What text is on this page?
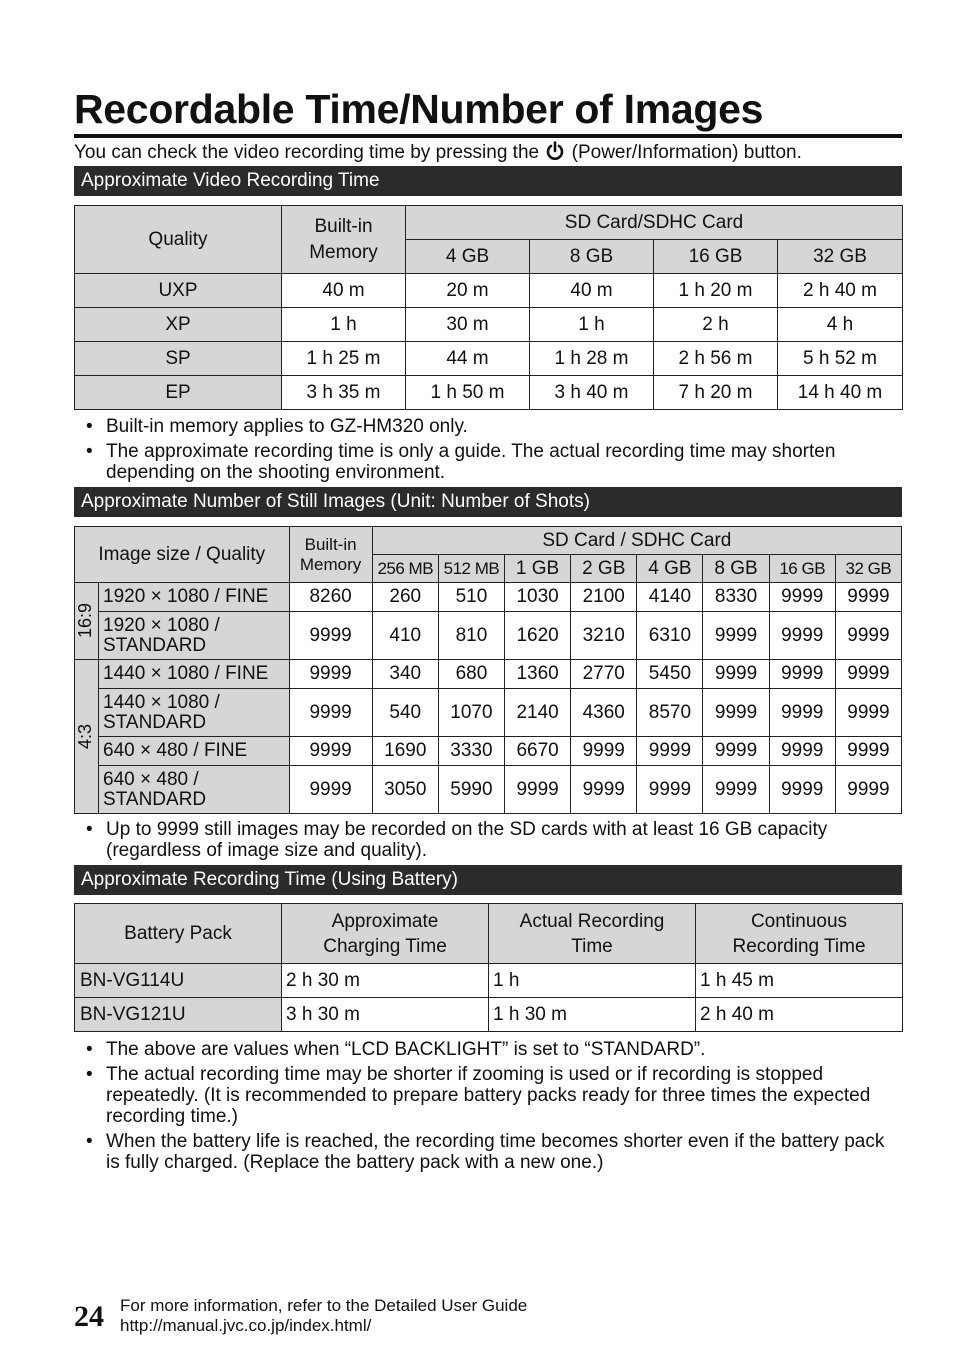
Recordable Time/Number of Images
You can check the video recording time by pressing the (Power/Information) button.
Approximate Video Recording Time
Quality	Built-in Memory	SD Card/SDHC Card			
		4 GB	8 GB	16 GB	32 GB
UXP	40 m	20 m	40 m	1 h 20 m	2 h 40 m
XP	1 h	30 m	1 h	2 h	4 h
SP	1 h 25 m	44 m	1 h 28 m	2 h 56 m	5 h 52 m
EP	3 h 35 m	1 h 50 m	3 h 40 m	7 h 20 m	14 h 40 m
• Built-in memory applies to GZ-HM320 only.
• The approximate recording time is only a guide. The actual recording time may shorten depending on the shooting environment.
Approximate Number of Still Images (Unit: Number of Shots)
Image size / Quality		Built-in Memory	SD Card / SDHC Card							
			256 MB	512 MB	1 GB	2 GB	4 GB	8 GB	16 GB	32 GB

16:9	1920 × 1080 / FINE	8260	260	510	1030	2100	4140	8330	9999	9999
	1920 × 1080 / STANDARD	9999	410	810	1620	3210	6310	9999	9999	9999

4:3	1440 × 1080 / FINE	9999	340	680	1360	2770	5450	9999	9999	9999
	1440 × 1080 / STANDARD	9999	540	1070	2140	4360	8570	9999	9999	9999
	640 × 480 / FINE	9999	1690	3330	6670	9999	9999	9999	9999	9999
	640 × 480 / STANDARD	9999	3050	5990	9999	9999	9999	9999	9999	9999
• Up to 9999 still images may be recorded on the SD cards with at least 16 GB capacity (regardless of image size and quality).
Approximate Recording Time (Using Battery)
Battery Pack	Approximate Charging Time	Actual Recording Time	Continuous Recording Time
BN-VG114U	2 h 30 m	1 h	1 h 45 m
BN-VG121U	3 h 30 m	1 h 30 m	2 h 40 m
• The above are values when “LCD BACKLIGHT” is set to “STANDARD”.
• The actual recording time may be shorter if zooming is used or if recording is stopped repeatedly. (It is recommended to prepare battery packs ready for three times the expected recording time.)
• When the battery life is reached, the recording time becomes shorter even if the battery pack is fully charged. (Replace the battery pack with a new one.)
24 For more information, refer to the Detailed User Guide
http://manual.jvc.co.jp/index.html/
